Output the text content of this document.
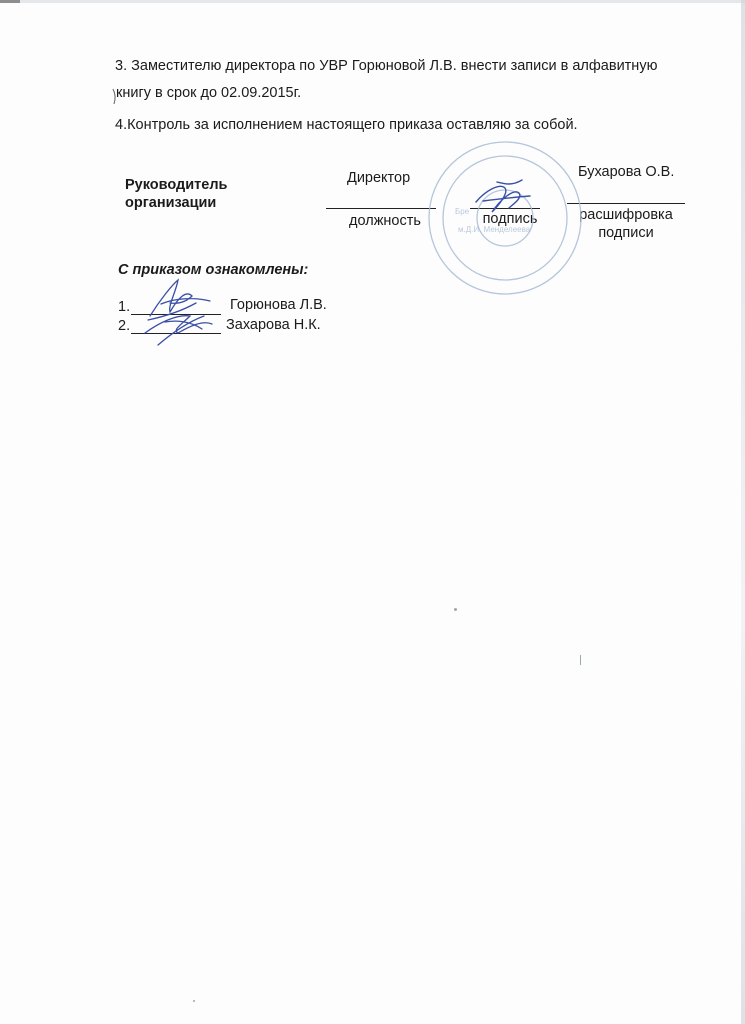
3. Заместителю директора по УВР Горюновой Л.В. внести записи в алфавитную
книгу в срок до 02.09.2015г.
4.Контроль за исполнением настоящего приказа оставляю за собой.
Руководитель
организации
Директор	Бухарова О.В.
должность	подпись	расшифровка
подписи
С приказом ознакомлены:
1.	Горюнова Л.В.
2.	Захарова Н.К.
Бре
м.Д.И. Менделеева
